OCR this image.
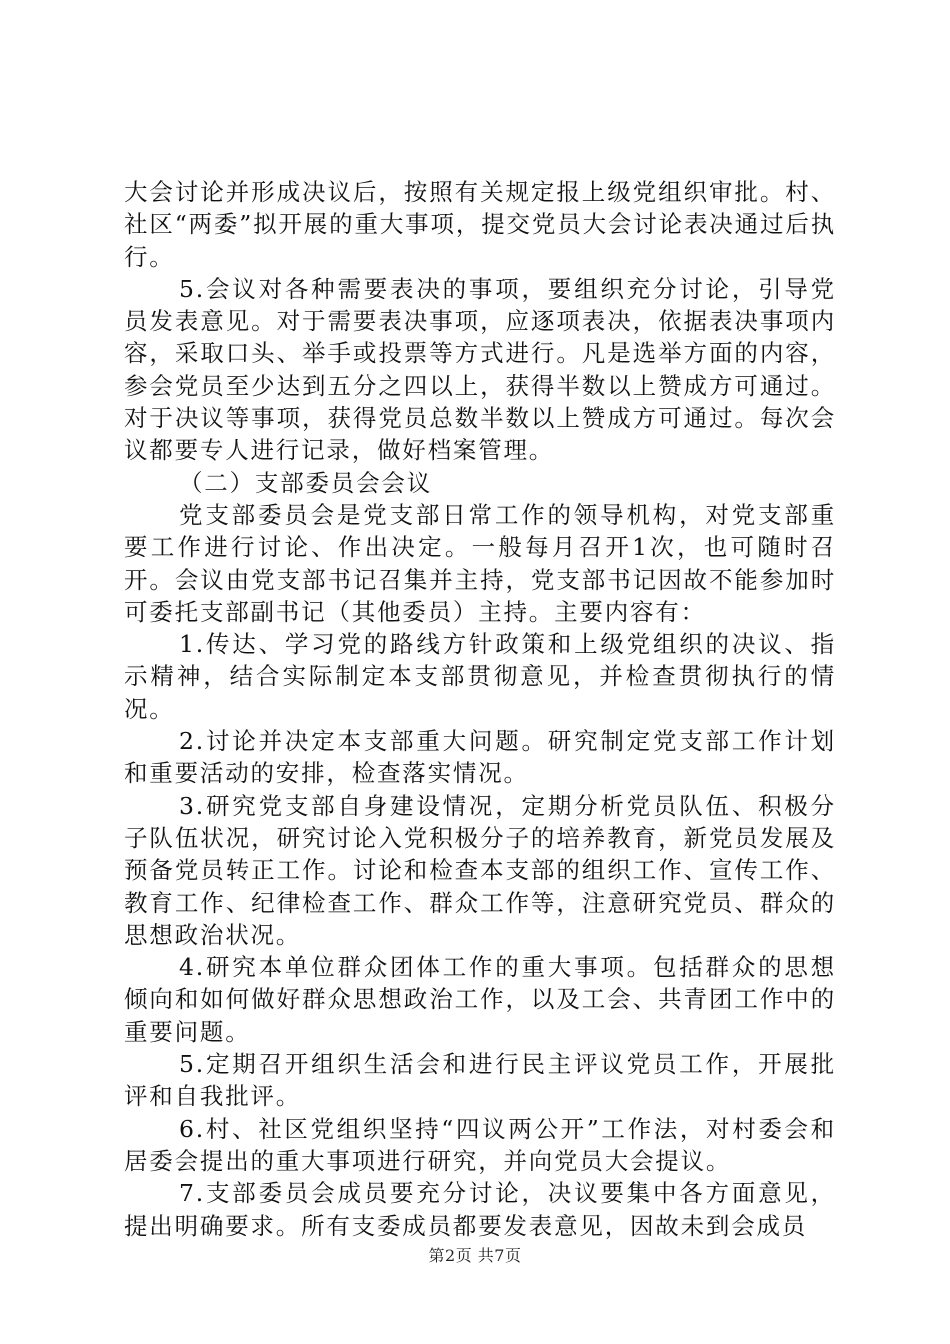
大会讨论并形成决议后，按照有关规定报上级党组织审批。村、社区“两委”拟开展的重大事项，提交党员大会讨论表决通过后执行。

5.会议对各种需要表决的事项，要组织充分讨论，引导党员发表意见。对于需要表决事项，应逐项表决，依据表决事项内容，采取口头、举手或投票等方式进行。凡是选举方面的内容，参会党员至少达到五分之四以上，获得半数以上赞成方可通过。对于决议等事项，获得党员总数半数以上赞成方可通过。每次会议都要专人进行记录，做好档案管理。

（二）支部委员会会议

党支部委员会是党支部日常工作的领导机构，对党支部重要工作进行讨论、作出决定。一般每月召开1次，也可随时召开。会议由党支部书记召集并主持，党支部书记因故不能参加时可委托支部副书记（其他委员）主持。主要内容有：

1.传达、学习党的路线方针政策和上级党组织的决议、指示精神，结合实际制定本支部贯彻意见，并检查贯彻执行的情况。

2.讨论并决定本支部重大问题。研究制定党支部工作计划和重要活动的安排，检查落实情况。

3.研究党支部自身建设情况，定期分析党员队伍、积极分子队伍状况，研究讨论入党积极分子的培养教育，新党员发展及预备党员转正工作。讨论和检查本支部的组织工作、宣传工作、教育工作、纪律检查工作、群众工作等，注意研究党员、群众的思想政治状况。

4.研究本单位群众团体工作的重大事项。包括群众的思想倾向和如何做好群众思想政治工作，以及工会、共青团工作中的重要问题。

5.定期召开组织生活会和进行民主评议党员工作，开展批评和自我批评。

6.村、社区党组织坚持“四议两公开”工作法，对村委会和居委会提出的重大事项进行研究，并向党员大会提议。

7.支部委员会成员要充分讨论，决议要集中各方面意见，提出明确要求。所有支委成员都要发表意见，因故未到会成员

第2页 共7页
